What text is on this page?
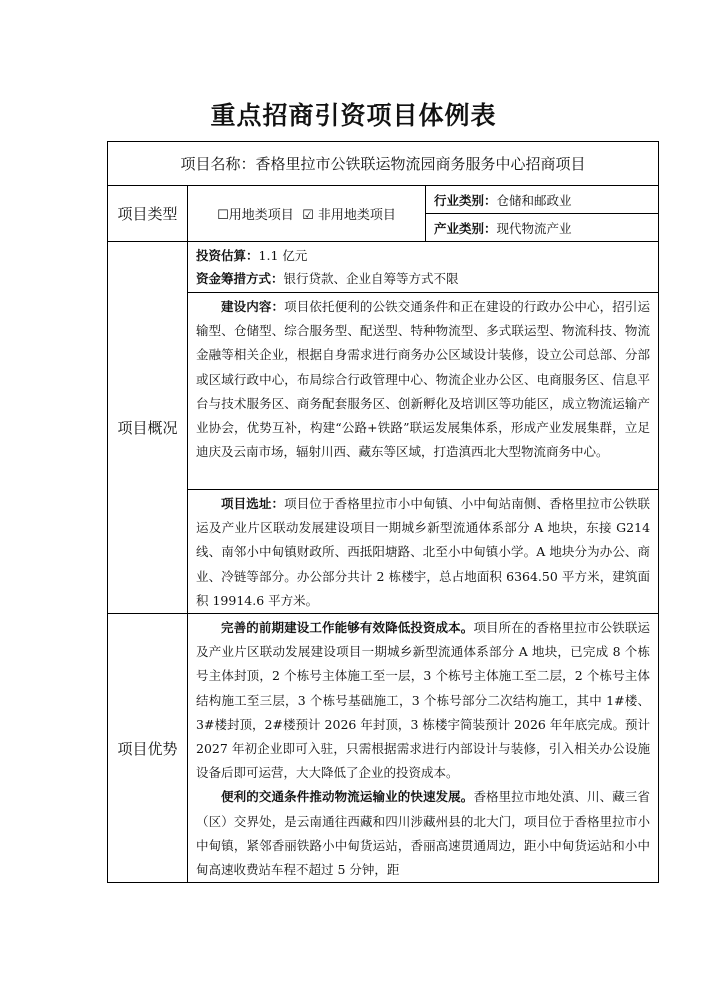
重点招商引资项目体例表
项目名称：香格里拉市公铁联运物流园商务服务中心招商项目		
项目类型	☐用地类项目 ☑ 非用地类项目	行业类别：仓储和邮政业
		产业类别：现代物流产业
项目概况	投资估算：1.1 亿元
资金筹措方式：银行贷款、企业自筹等方式不限	

	建设内容：项目依托便利的公铁交通条件和正在建设的行政办公中心，招引运输型、仓储型、综合服务型、配送型、特种物流型、多式联运型、物流科技、物流金融等相关企业，根据自身需求进行商务办公区域设计装修，设立公司总部、分部或区域行政中心，布局综合行政管理中心、物流企业办公区、电商服务区、信息平台与技术服务区、商务配套服务区、创新孵化及培训区等功能区，成立物流运输产业协会，优势互补，构建“公路+铁路”联运发展集体系，形成产业发展集群，立足迪庆及云南市场，辐射川西、藏东等区域，打造滇西北大型物流商务中心。	
	项目选址：项目位于香格里拉市小中甸镇、小中甸站南侧、香格里拉市公铁联运及产业片区联动发展建设项目一期城乡新型流通体系部分 A 地块，东接 G214 线、南邻小中甸镇财政所、西抵阳塘路、北至小中甸镇小学。A 地块分为办公、商业、冷链等部分。办公部分共计 2 栋楼宇，总占地面积 6364.50 平方米，建筑面积 19914.6 平方米。	
项目优势	完善的前期建设工作能够有效降低投资成本。项目所在的香格里拉市公铁联运及产业片区联动发展建设项目一期城乡新型流通体系部分 A 地块，已完成 8 个栋号主体封顶，2 个栋号主体施工至一层，3 个栋号主体施工至二层，2 个栋号主体结构施工至三层，3 个栋号基础施工，3 个栋号部分二次结构施工，其中 1#楼、3#楼封顶，2#楼预计 2026 年封顶，3 栋楼宇简装预计 2026 年年底完成。预计 2027 年初企业即可入驻，只需根据需求进行内部设计与装修，引入相关办公设施设备后即可运营，大大降低了企业的投资成本。
便利的交通条件推动物流运输业的快速发展。香格里拉市地处滇、川、藏三省（区）交界处，是云南通往西藏和四川涉藏州县的北大门，项目位于香格里拉市小中甸镇，紧邻香丽铁路小中甸货运站，香丽高速贯通周边，距小中甸货运站和小中甸高速收费站车程不超过 5 分钟，距	
